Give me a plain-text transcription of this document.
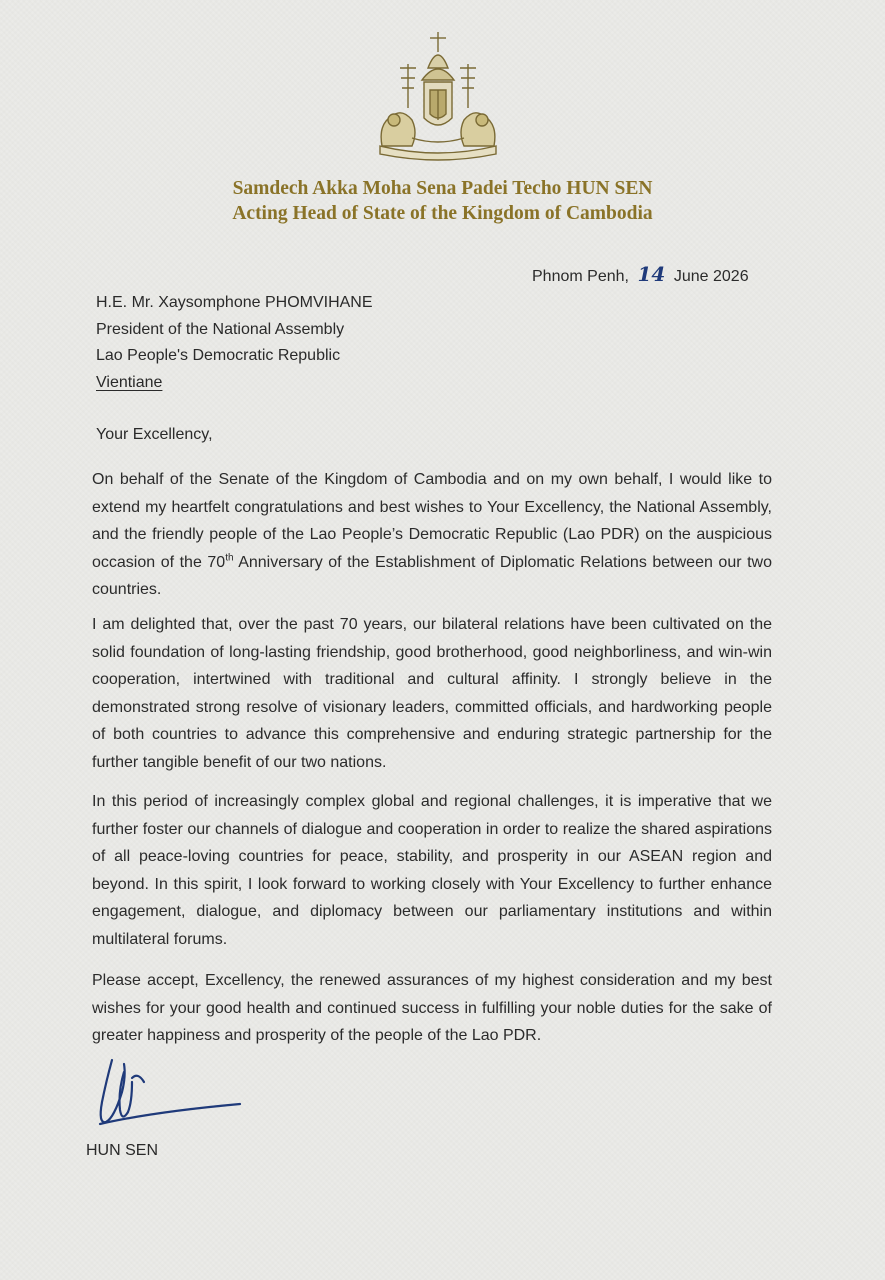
Samdech Akka Moha Sena Padei Techo HUN SEN
Acting Head of State of the Kingdom of Cambodia
Phnom Penh, 14 June 2026
H.E. Mr. Xaysomphone PHOMVIHANE
President of the National Assembly
Lao People's Democratic Republic
Vientiane
Your Excellency,
On behalf of the Senate of the Kingdom of Cambodia and on my own behalf, I would like to extend my heartfelt congratulations and best wishes to Your Excellency, the National Assembly, and the friendly people of the Lao People’s Democratic Republic (Lao PDR) on the auspicious occasion of the 70th Anniversary of the Establishment of Diplomatic Relations between our two countries.
I am delighted that, over the past 70 years, our bilateral relations have been cultivated on the solid foundation of long-lasting friendship, good brotherhood, good neighborliness, and win-win cooperation, intertwined with traditional and cultural affinity. I strongly believe in the demonstrated strong resolve of visionary leaders, committed officials, and hardworking people of both countries to advance this comprehensive and enduring strategic partnership for the further tangible benefit of our two nations.
In this period of increasingly complex global and regional challenges, it is imperative that we further foster our channels of dialogue and cooperation in order to realize the shared aspirations of all peace-loving countries for peace, stability, and prosperity in our ASEAN region and beyond. In this spirit, I look forward to working closely with Your Excellency to further enhance engagement, dialogue, and diplomacy between our parliamentary institutions and within multilateral forums.
Please accept, Excellency, the renewed assurances of my highest consideration and my best wishes for your good health and continued success in fulfilling your noble duties for the sake of greater happiness and prosperity of the people of the Lao PDR.
HUN SEN
